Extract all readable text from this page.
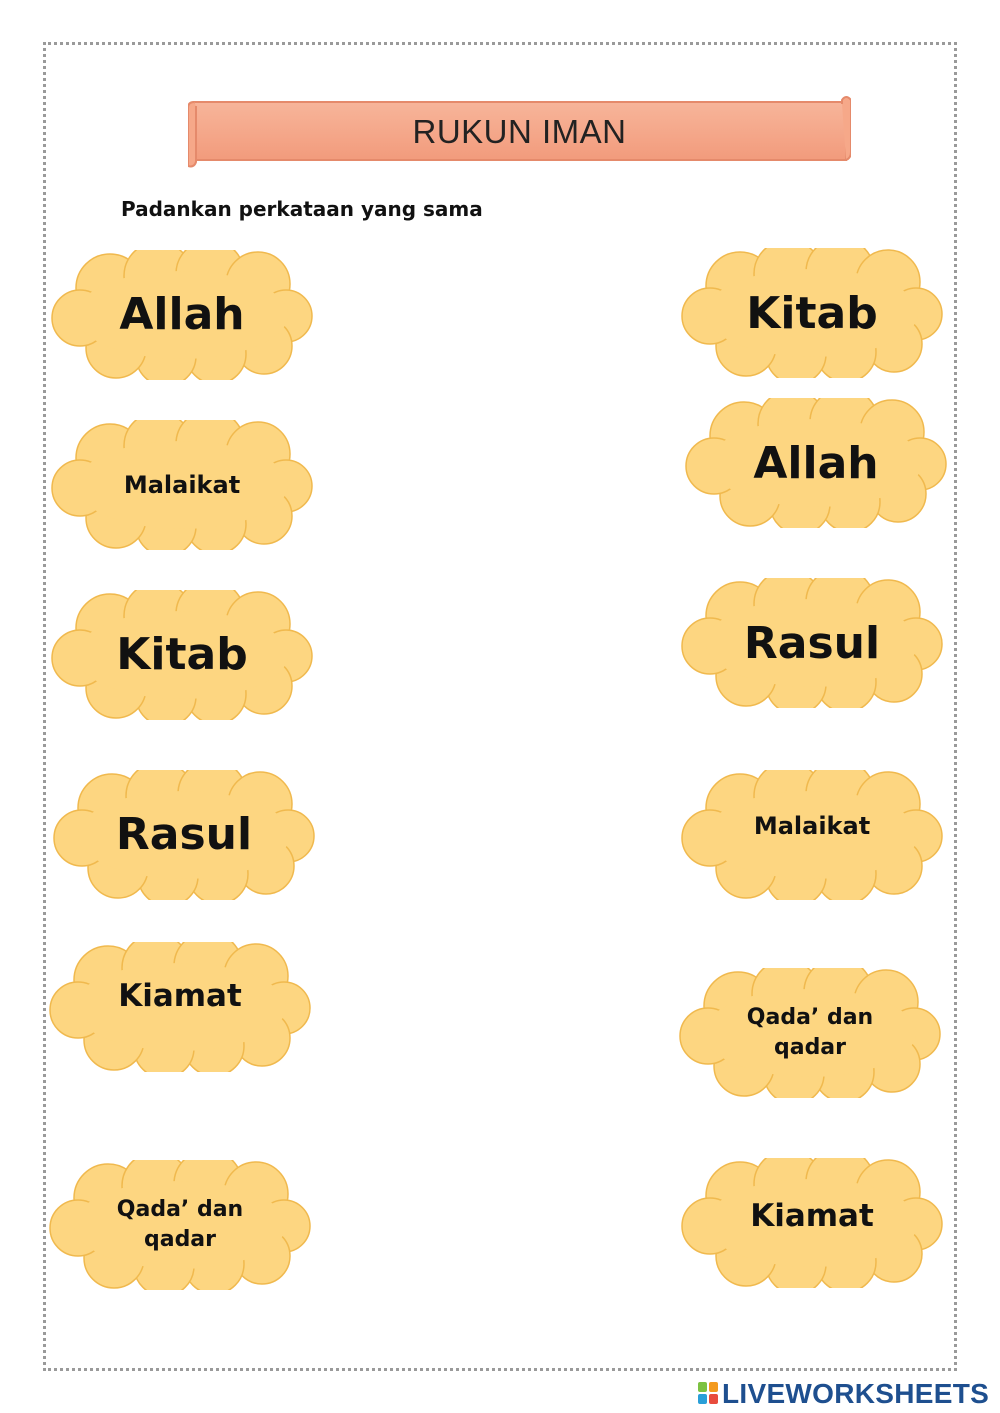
RUKUN IMAN
Padankan perkataan yang sama
Allah
Malaikat
Kitab
Rasul
Kiamat
Qada’ dan qadar
Kitab
Allah
Rasul
Malaikat
Qada’ dan qadar
Kiamat
LIVEWORKSHEETS
